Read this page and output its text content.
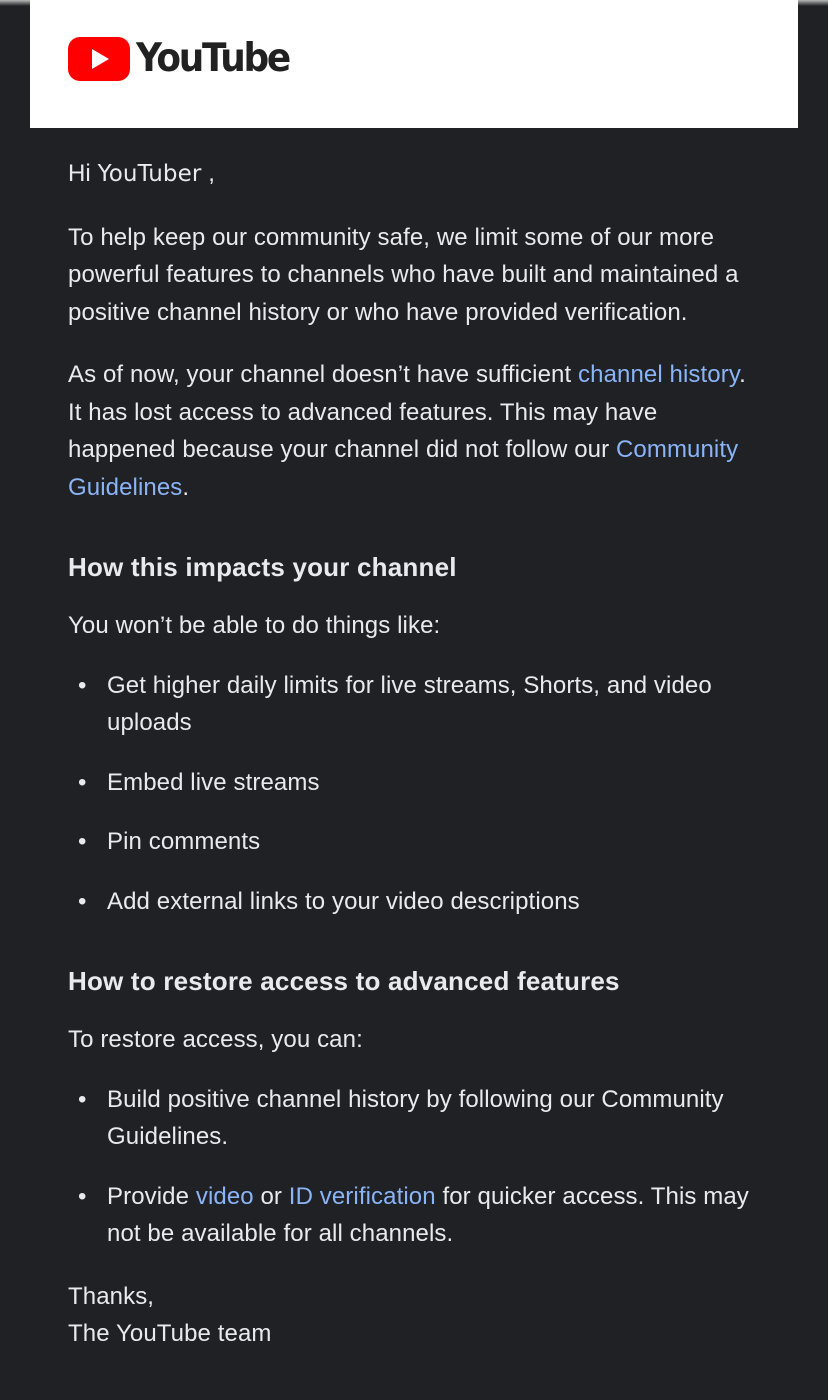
YouTube

Hi YouTuber ,

To help keep our community safe, we limit some of our more powerful features to channels who have built and maintained a positive channel history or who have provided verification.

As of now, your channel doesn’t have sufficient channel history. It has lost access to advanced features. This may have happened because your channel did not follow our Community Guidelines.

How this impacts your channel

You won’t be able to do things like:

• Get higher daily limits for live streams, Shorts, and video uploads
• Embed live streams
• Pin comments
• Add external links to your video descriptions
How to restore access to advanced features

To restore access, you can:

• Build positive channel history by following our Community Guidelines.
• Provide video or ID verification for quicker access. This may not be available for all channels.

Thanks,

The YouTube team
